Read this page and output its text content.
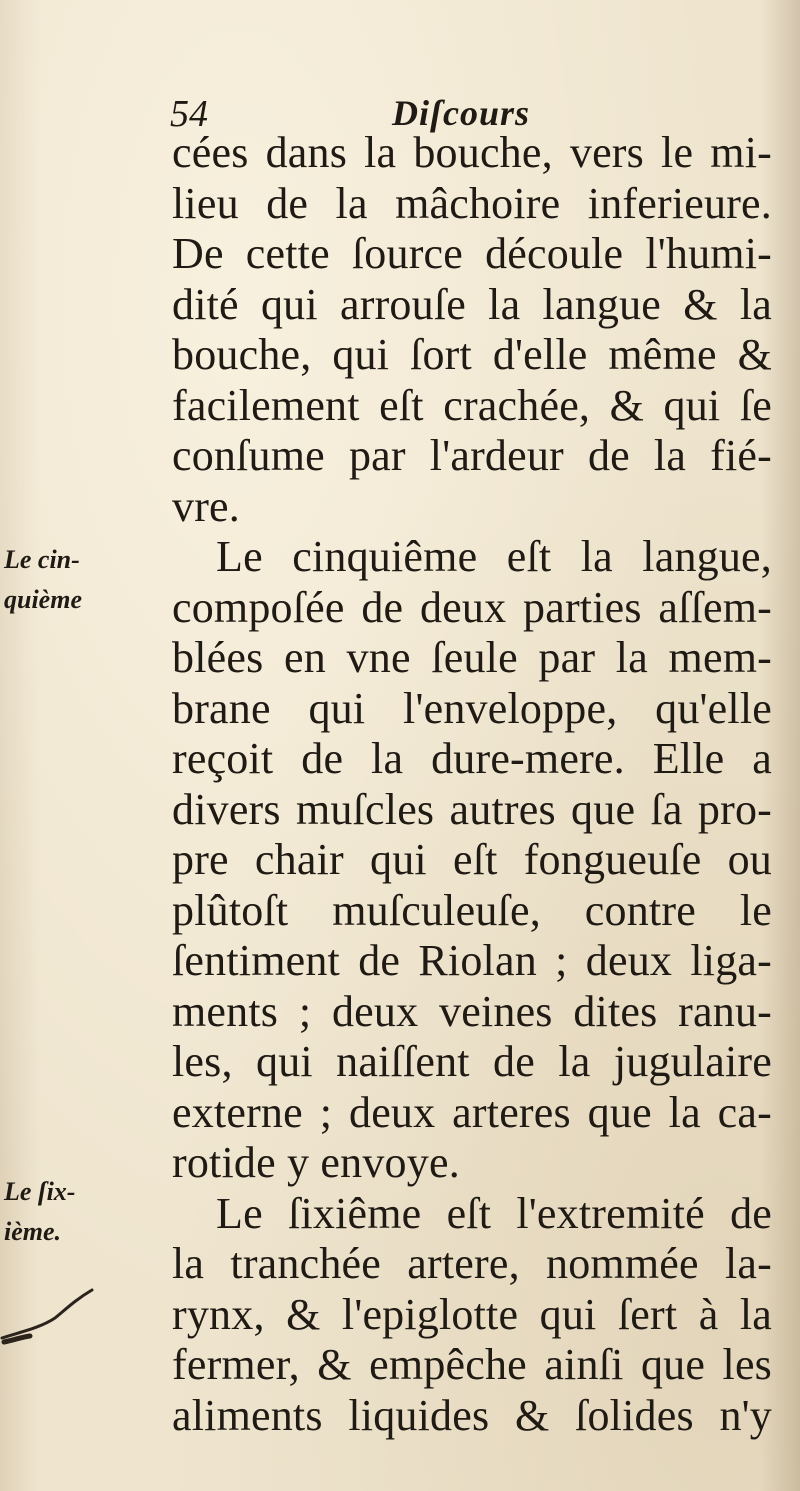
54	Diſcours
Le cin-
quième
Le ſix-
ième.
cées dans la bouche, vers le mi-
lieu de la mâchoire inferieure.
De cette ſource découle l'humi-
dité qui arrouſe la langue & la
bouche, qui ſort d'elle même &
facilement eſt crachée, & qui ſe
conſume par l'ardeur de la fié-
vre.
Le cinquiême eſt la langue,
compoſée de deux parties aſſem-
blées en vne ſeule par la mem-
brane qui l'enveloppe, qu'elle
reçoit de la dure-mere. Elle a
divers muſcles autres que ſa pro-
pre chair qui eſt fongueuſe ou
plûtoſt muſculeuſe, contre le
ſentiment de Riolan ; deux liga-
ments ; deux veines dites ranu-
les, qui naiſſent de la jugulaire
externe ; deux arteres que la ca-
rotide y envoye.
Le ſixiême eſt l'extremité de
la tranchée artere, nommée la-
rynx, & l'epiglotte qui ſert à la
fermer, & empêche ainſi que les
aliments liquides & ſolides n'y
